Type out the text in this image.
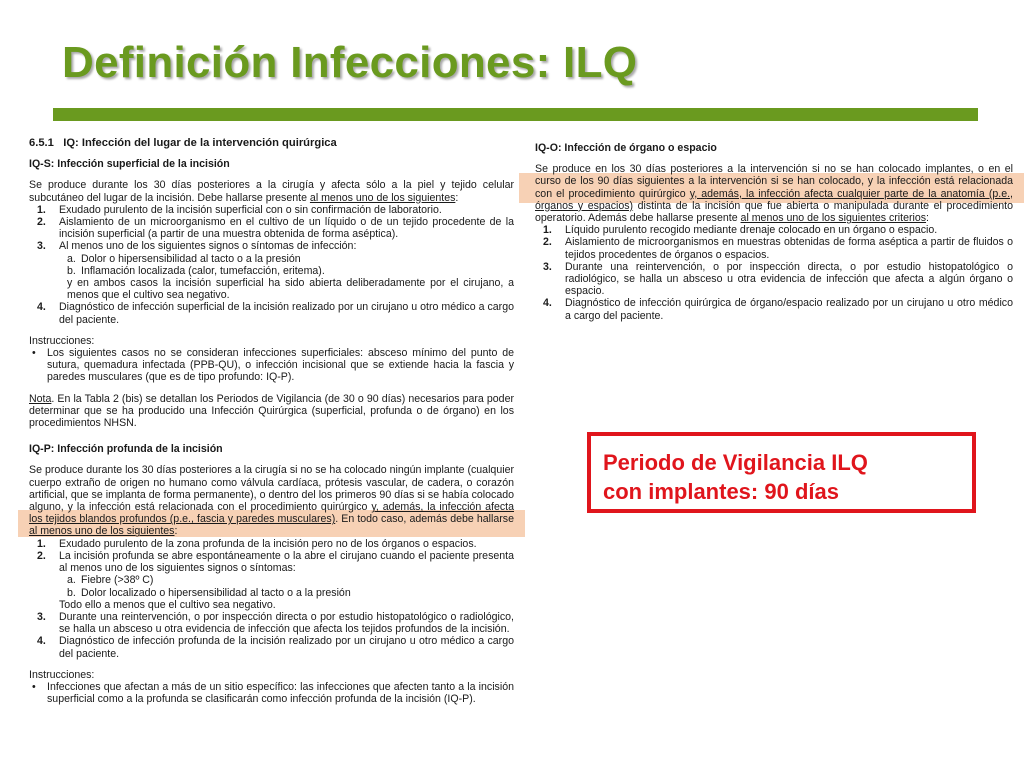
Definición Infecciones: ILQ

6.5.1 IQ: Infección del lugar de la intervención quirúrgica

IQ-S: Infección superficial de la incisión

Se produce durante los 30 días posteriores a la cirugía y afecta sólo a la piel y tejido celular subcutáneo del lugar de la incisión. Debe hallarse presente al menos uno de los siguientes:

1. Exudado purulento de la incisión superficial con o sin confirmación de laboratorio.
2. Aislamiento de un microorganismo en el cultivo de un líquido o de un tejido procedente de la incisión superficial (a partir de una muestra obtenida de forma aséptica).
3. Al menos uno de los siguientes signos o síntomas de infección:
a. Dolor o hipersensibilidad al tacto o a la presión
b. Inflamación localizada (calor, tumefacción, eritema).

y en ambos casos la incisión superficial ha sido abierta deliberadamente por el cirujano, a menos que el cultivo sea negativo.

4. Diagnóstico de infección superficial de la incisión realizado por un cirujano u otro médico a cargo del paciente.

Instrucciones:

• Los siguientes casos no se consideran infecciones superficiales: absceso mínimo del punto de sutura, quemadura infectada (PPB-QU), o infección incisional que se extiende hacia la fascia y paredes musculares (que es de tipo profundo: IQ-P).

Nota. En la Tabla 2 (bis) se detallan los Periodos de Vigilancia (de 30 o 90 días) necesarios para poder determinar que se ha producido una Infección Quirúrgica (superficial, profunda o de órgano) en los procedimientos NHSN.

IQ-P: Infección profunda de la incisión

Se produce durante los 30 días posteriores a la cirugía si no se ha colocado ningún implante (cualquier cuerpo extraño de origen no humano como válvula cardíaca, prótesis vascular, de cadera, o corazón artificial, que se implanta de forma permanente), o dentro del los primeros 90 días si se había colocado alguno, y la infección está relacionada con el procedimiento quirúrgico y, además, la infección afecta los tejidos blandos profundos (p.e., fascia y paredes musculares). En todo caso, además debe hallarse al menos uno de los siguientes:

1. Exudado purulento de la zona profunda de la incisión pero no de los órganos o espacios.
2. La incisión profunda se abre espontáneamente o la abre el cirujano cuando el paciente presenta al menos uno de los siguientes signos o síntomas:
a. Fiebre (>38º C)
b. Dolor localizado o hipersensibilidad al tacto o a la presión

Todo ello a menos que el cultivo sea negativo.

3. Durante una reintervención, o por inspección directa o por estudio histopatológico o radiológico, se halla un absceso u otra evidencia de infección que afecta los tejidos profundos de la incisión.
4. Diagnóstico de infección profunda de la incisión realizado por un cirujano u otro médico a cargo del paciente.

Instrucciones:

• Infecciones que afectan a más de un sitio específico: las infecciones que afecten tanto a la incisión superficial como a la profunda se clasificarán como infección profunda de la incisión (IQ-P).

IQ-O: Infección de órgano o espacio

Se produce en los 30 días posteriores a la intervención si no se han colocado implantes, o en el curso de los 90 días siguientes a la intervención si se han colocado, y la infección está relacionada con el procedimiento quirúrgico y, además, la infección afecta cualquier parte de la anatomía (p.e., órganos y espacios) distinta de la incisión que fue abierta o manipulada durante el procedimiento operatorio. Además debe hallarse presente al menos uno de los siguientes criterios:

1. Líquido purulento recogido mediante drenaje colocado en un órgano o espacio.
2. Aislamiento de microorganismos en muestras obtenidas de forma aséptica a partir de fluidos o tejidos procedentes de órganos o espacios.
3. Durante una reintervención, o por inspección directa, o por estudio histopatológico o radiológico, se halla un absceso u otra evidencia de infección que afecta a algún órgano o espacio.
4. Diagnóstico de infección quirúrgica de órgano/espacio realizado por un cirujano u otro médico a cargo del paciente.
Periodo de Vigilancia ILQ
con implantes: 90 días
